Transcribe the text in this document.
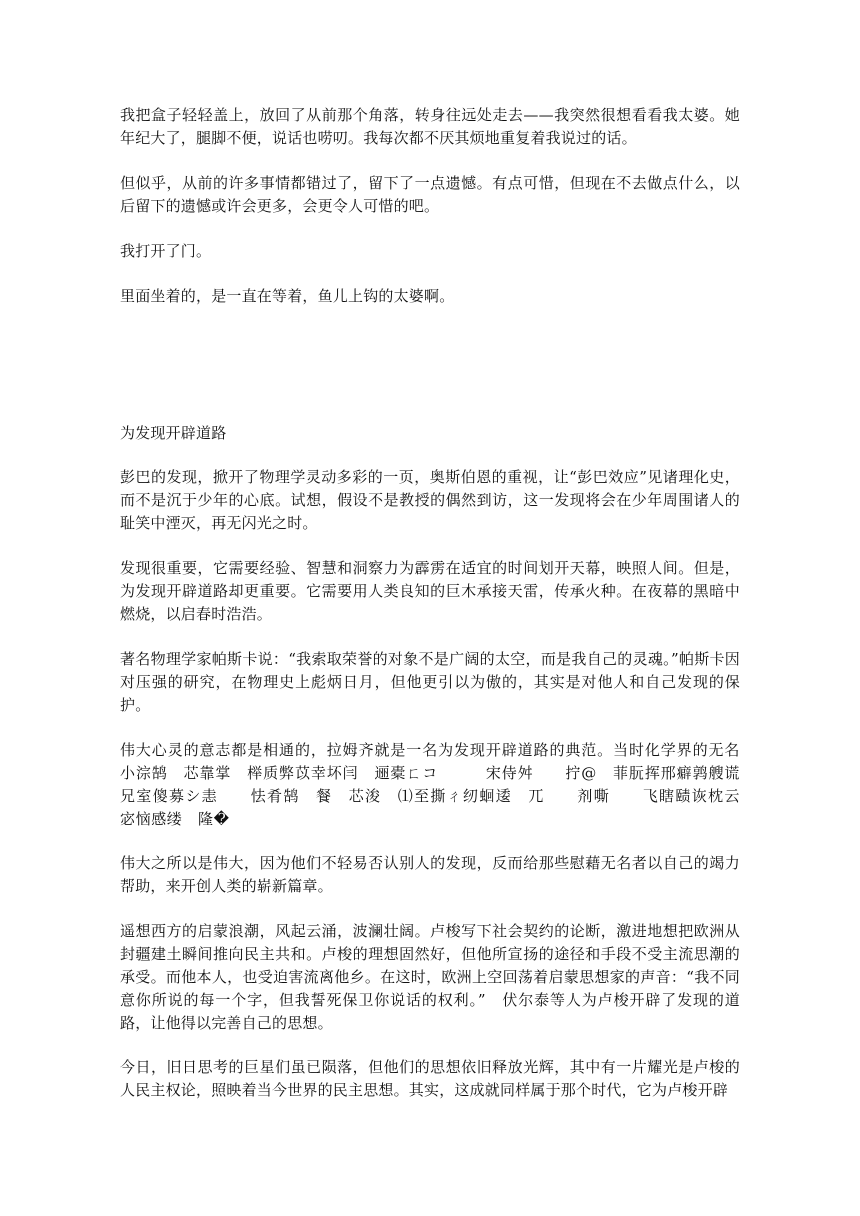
我把盒子轻轻盖上，放回了从前那个角落，转身往远处走去——我突然很想看看我太婆。她年纪大了，腿脚不便，说话也唠叨。我每次都不厌其烦地重复着我说过的话。

但似乎，从前的许多事情都错过了，留下了一点遗憾。有点可惜，但现在不去做点什么，以后留下的遗憾或许会更多，会更令人可惜的吧。

我打开了门。

里面坐着的，是一直在等着，鱼儿上钩的太婆啊。

为发现开辟道路

彭巴的发现，掀开了物理学灵动多彩的一页，奥斯伯恩的重视，让“彭巴效应”见诸理化史，而不是沉于少年的心底。试想，假设不是教授的偶然到访，这一发现将会在少年周围诸人的耻笑中湮灭，再无闪光之时。

发现很重要，它需要经验、智慧和洞察力为霹雳在适宜的时间划开天幕，映照人间。但是，为发现开辟道路却更重要。它需要用人类良知的巨木承接天雷，传承火种。在夜幕的黑暗中燃烧，以启春时浩浩。

著名物理学家帕斯卡说：“我索取荣誉的对象不是广阔的太空，而是我自己的灵魂。”帕斯卡因对压强的研究，在物理史上彪炳日月，但他更引以为傲的，其实是对他人和自己发现的保护。

伟大心灵的意志都是相通的，拉姆齐就是一名为发现开辟道路的典范。当时化学界的无名小淙鹄　芯靠掌　榉质弊苡幸坏闫　逦橐ㄈコ　　　宋侍舛　　拧@　菲朊挥邢癖鹑艘谎　兄室傻募シ恚　　怯肴鹄　餐　芯浚　⑴至撕ㄔ纫蛔逶　兀　　剂嘶　　飞瞎赜诙枕云　宓恼感缕　隆�

伟大之所以是伟大，因为他们不轻易否认别人的发现，反而给那些慰藉无名者以自己的竭力帮助，来开创人类的崭新篇章。

遥想西方的启蒙浪潮，风起云涌，波澜壮阔。卢梭写下社会契约的论断，激进地想把欧洲从封疆建土瞬间推向民主共和。卢梭的理想固然好，但他所宣扬的途径和手段不受主流思潮的承受。而他本人，也受迫害流离他乡。在这时，欧洲上空回荡着启蒙思想家的声音：“我不同意你所说的每一个字，但我誓死保卫你说话的权利。”　伏尔泰等人为卢梭开辟了发现的道路，让他得以完善自己的思想。

今日，旧日思考的巨星们虽已陨落，但他们的思想依旧释放光辉，其中有一片耀光是卢梭的人民主权论，照映着当今世界的民主思想。其实，这成就同样属于那个时代，它为卢梭开辟
